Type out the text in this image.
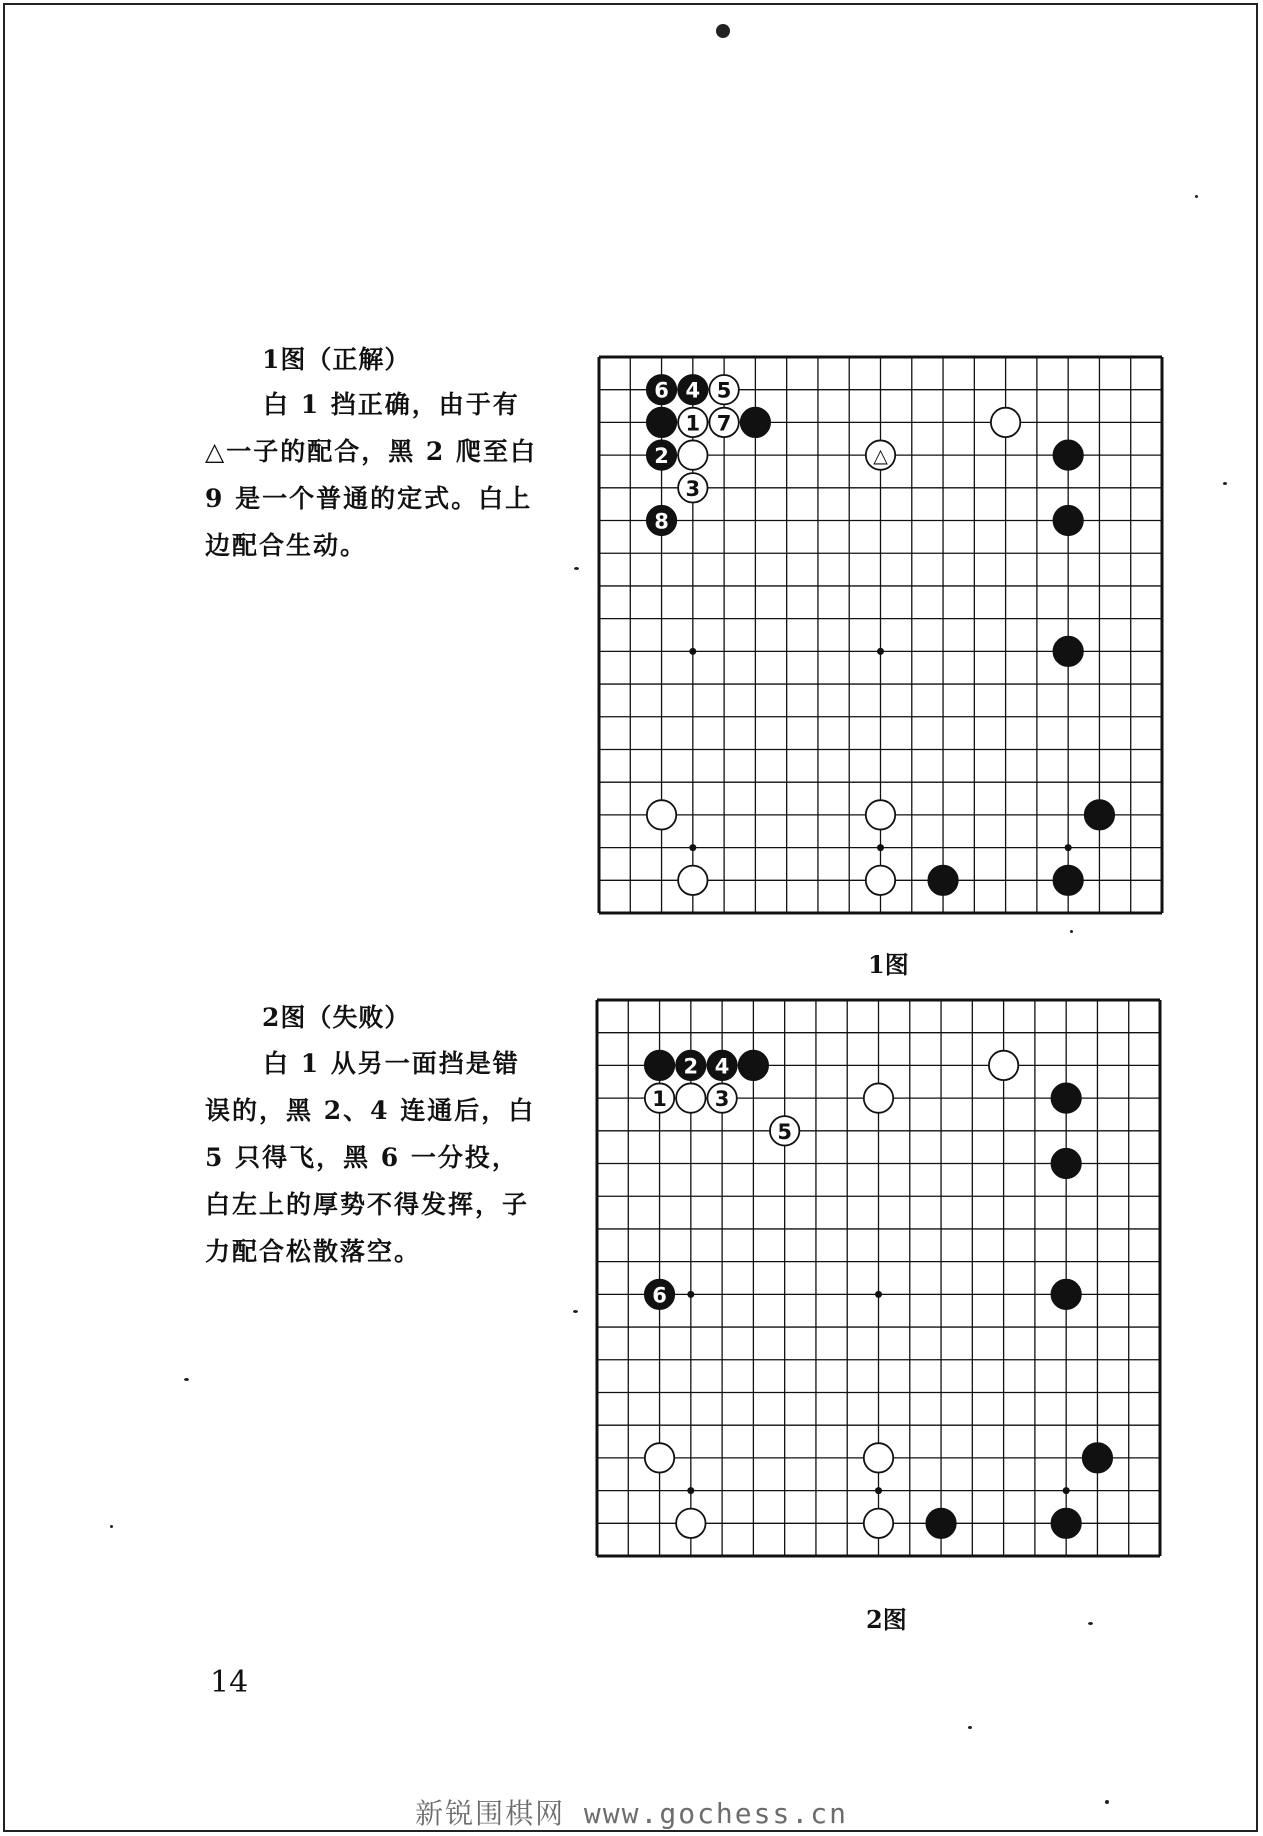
1图（正解）

白 1 挡正确，由于有△一子的配合，黑 2 爬至白 9 是一个普通的定式。白上边配合生动。

6 4 5
1 7
2	△
3
8

1图

2图（失败）

白 1 从另一面挡是错误的，黑 2、4 连通后，白 5 只得飞，黑 6 一分投，白左上的厚势不得发挥，子力配合松散落空。

2 4
1 3
5
6

2图

14

新锐围棋网 www.gochess.cn
